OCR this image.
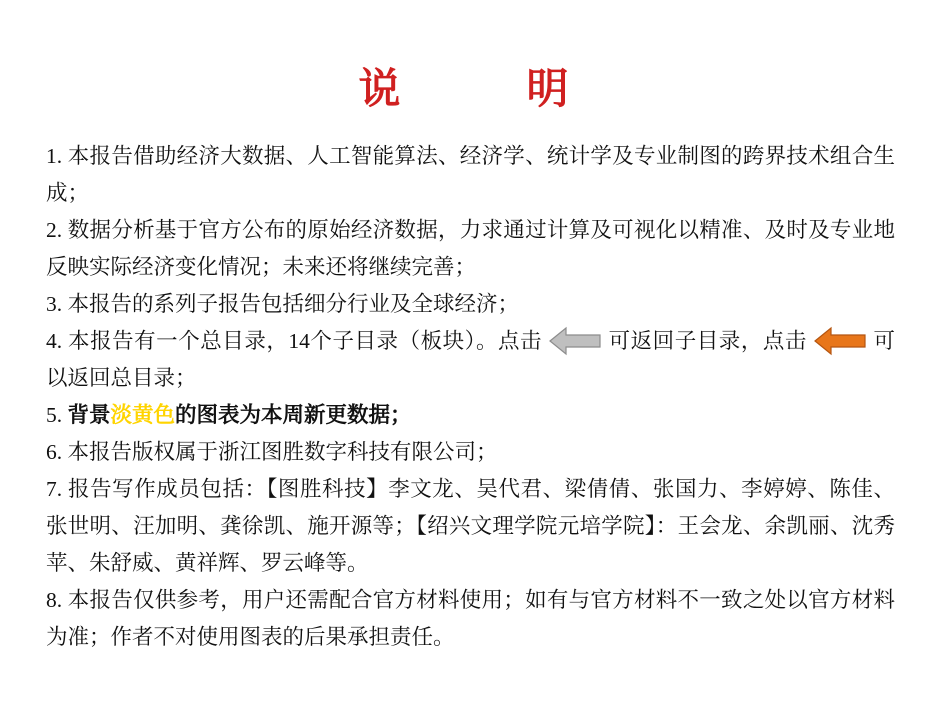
说　　明

1. 本报告借助经济大数据、人工智能算法、经济学、统计学及专业制图的跨界技术组合生成；

2. 数据分析基于官方公布的原始经济数据，力求通过计算及可视化以精准、及时及专业地反映实际经济变化情况；未来还将继续完善；

3. 本报告的系列子报告包括细分行业及全球经济；

4. 本报告有一个总目录，14个子目录（板块）。点击	可返回子目录，点击	可以返回总目录；

5. 背景淡黄色的图表为本周新更数据；

6. 本报告版权属于浙江图胜数字科技有限公司；

7. 报告写作成员包括：【图胜科技】李文龙、吴代君、梁倩倩、张国力、李婷婷、陈佳、张世明、汪加明、龚徐凯、施开源等；【绍兴文理学院元培学院】：王会龙、余凯丽、沈秀苹、朱舒威、黄祥辉、罗云峰等。

8. 本报告仅供参考，用户还需配合官方材料使用；如有与官方材料不一致之处以官方材料为准；作者不对使用图表的后果承担责任。
